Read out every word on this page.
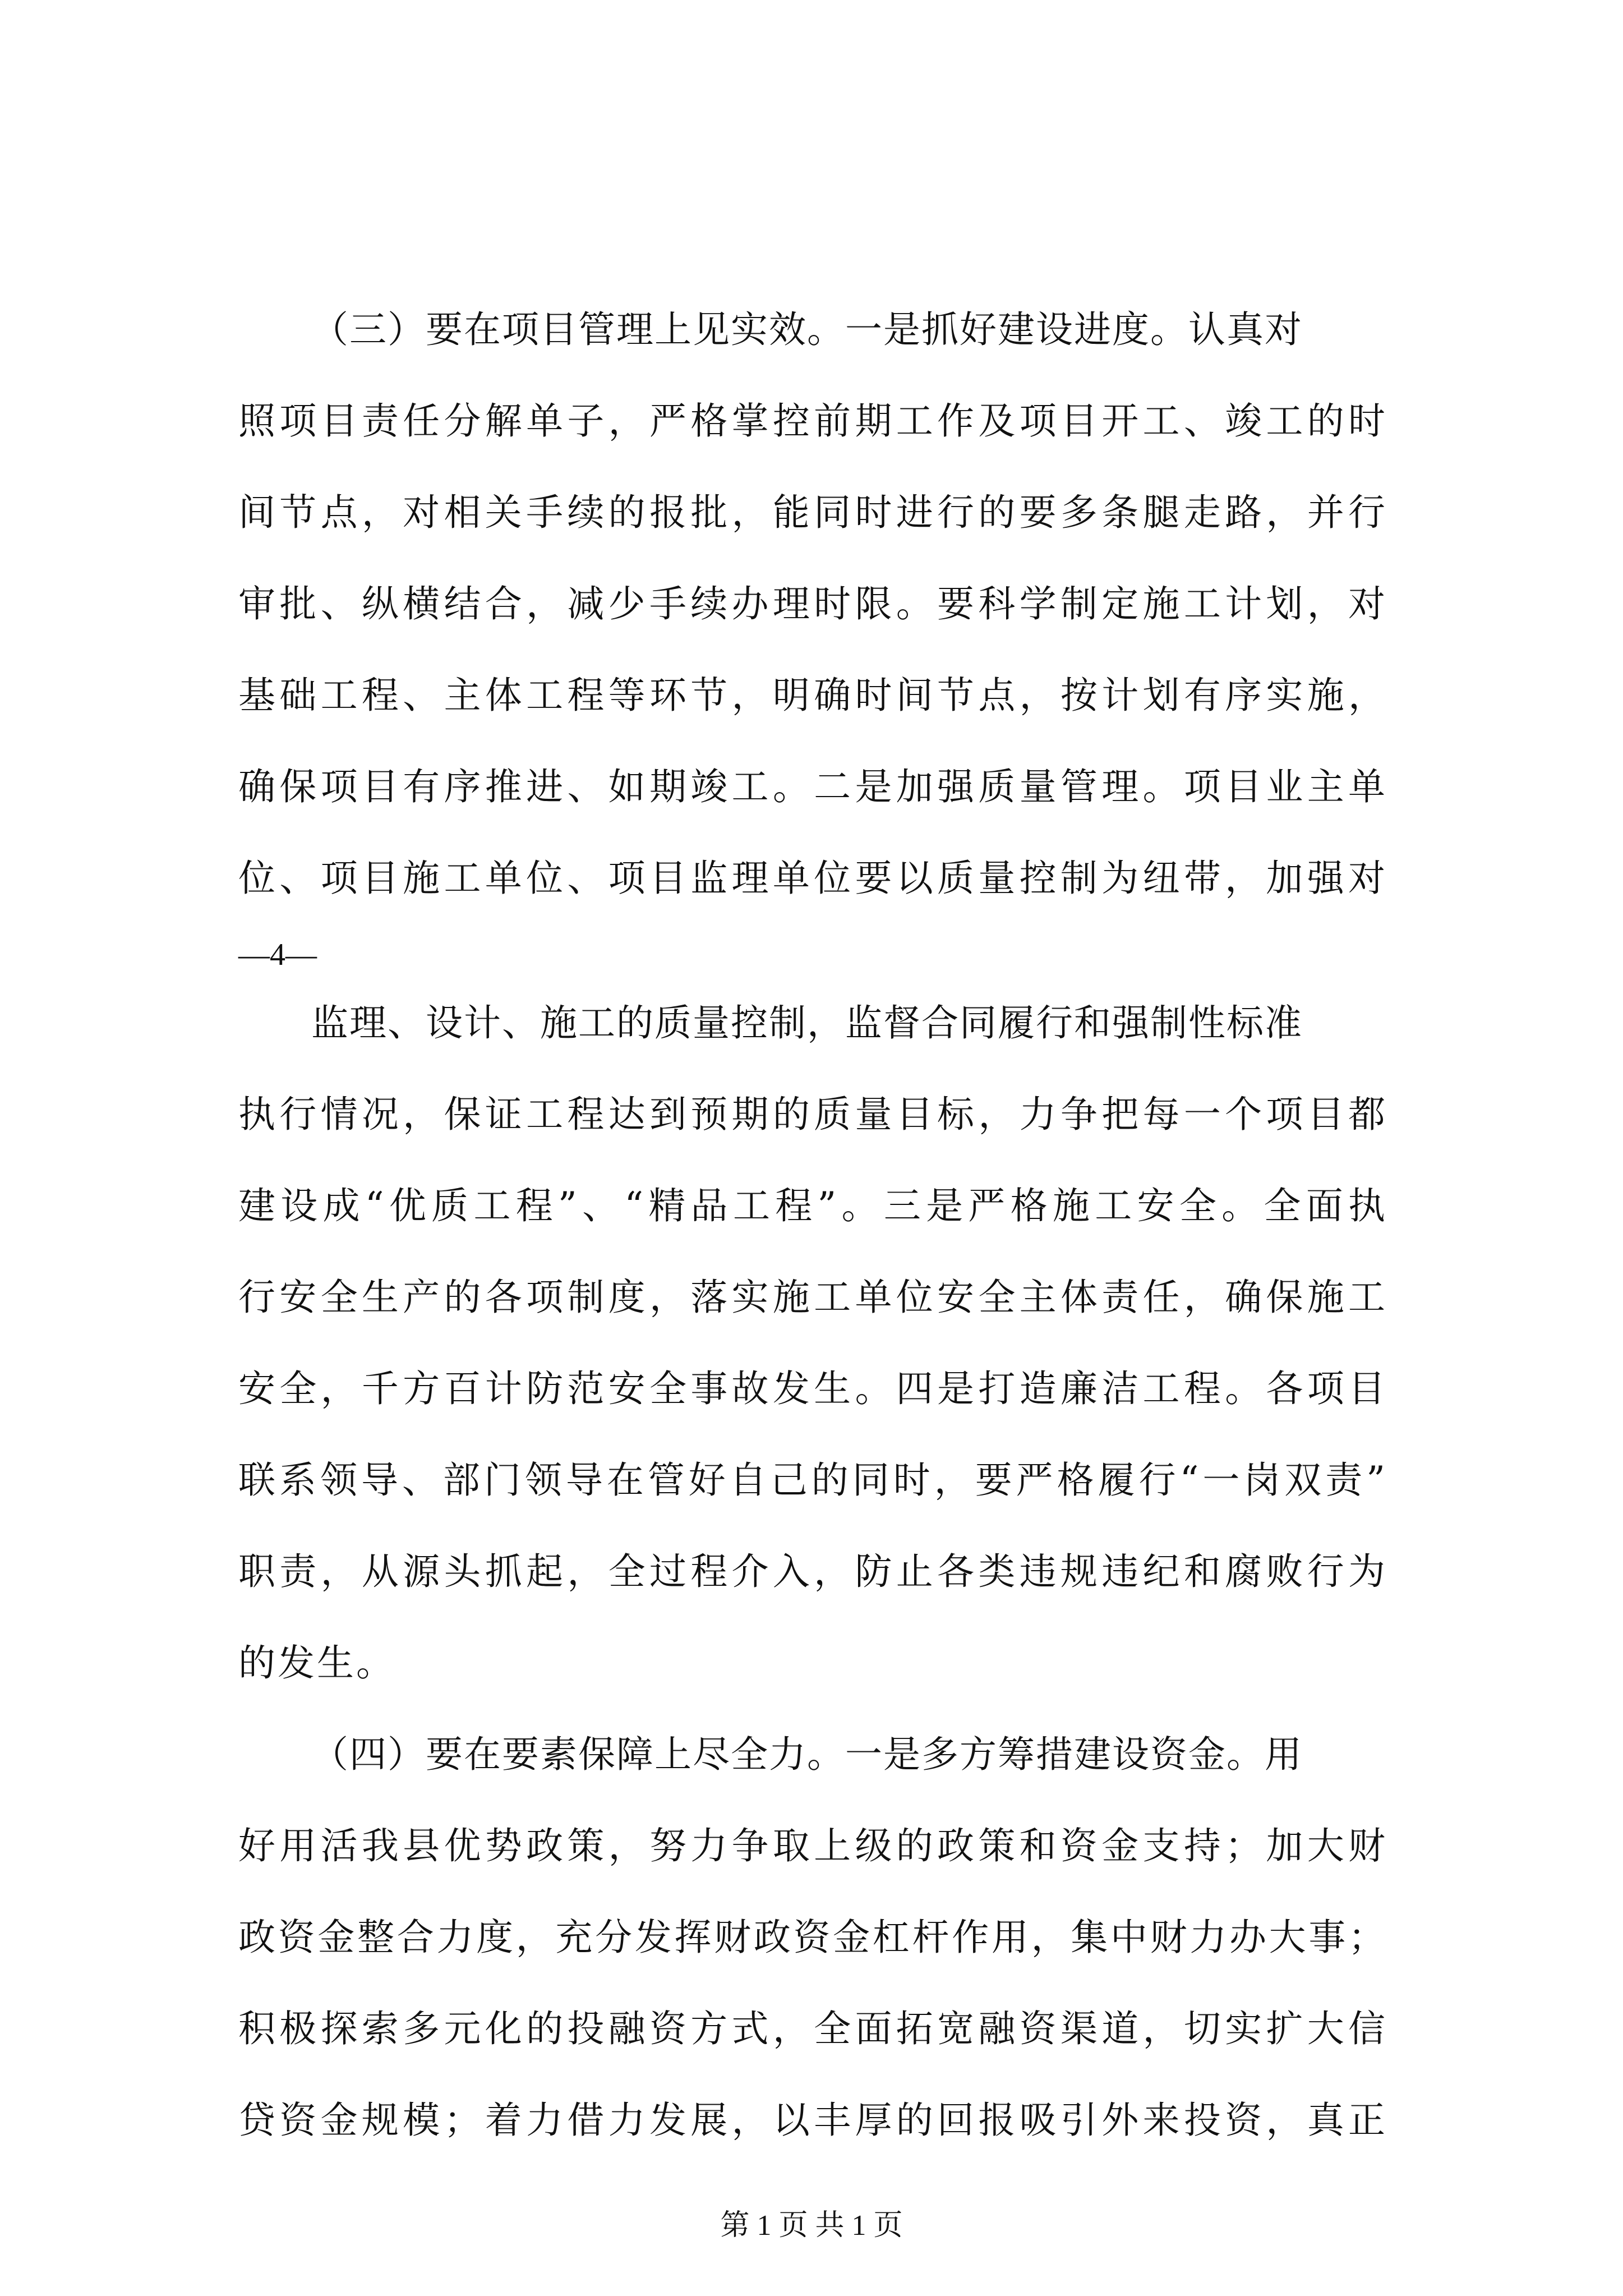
（三）要在项目管理上见实效。一是抓好建设进度。认真对
照项目责任分解单子，严格掌控前期工作及项目开工、竣工的时
间节点，对相关手续的报批，能同时进行的要多条腿走路，并行
审批、纵横结合，减少手续办理时限。要科学制定施工计划，对
基础工程、主体工程等环节，明确时间节点，按计划有序实施，
确保项目有序推进、如期竣工。二是加强质量管理。项目业主单
位、项目施工单位、项目监理单位要以质量控制为纽带，加强对
—4—
监理、设计、施工的质量控制，监督合同履行和强制性标准
执行情况，保证工程达到预期的质量目标，力争把每一个项目都
建设成“优质工程”、“精品工程”。三是严格施工安全。全面执
行安全生产的各项制度，落实施工单位安全主体责任，确保施工
安全，千方百计防范安全事故发生。四是打造廉洁工程。各项目
联系领导、部门领导在管好自己的同时，要严格履行“一岗双责”
职责，从源头抓起，全过程介入，防止各类违规违纪和腐败行为
的发生。
（四）要在要素保障上尽全力。一是多方筹措建设资金。用
好用活我县优势政策，努力争取上级的政策和资金支持；加大财
政资金整合力度，充分发挥财政资金杠杆作用，集中财力办大事；
积极探索多元化的投融资方式，全面拓宽融资渠道，切实扩大信
贷资金规模；着力借力发展，以丰厚的回报吸引外来投资，真正
第 1 页 共 1 页
